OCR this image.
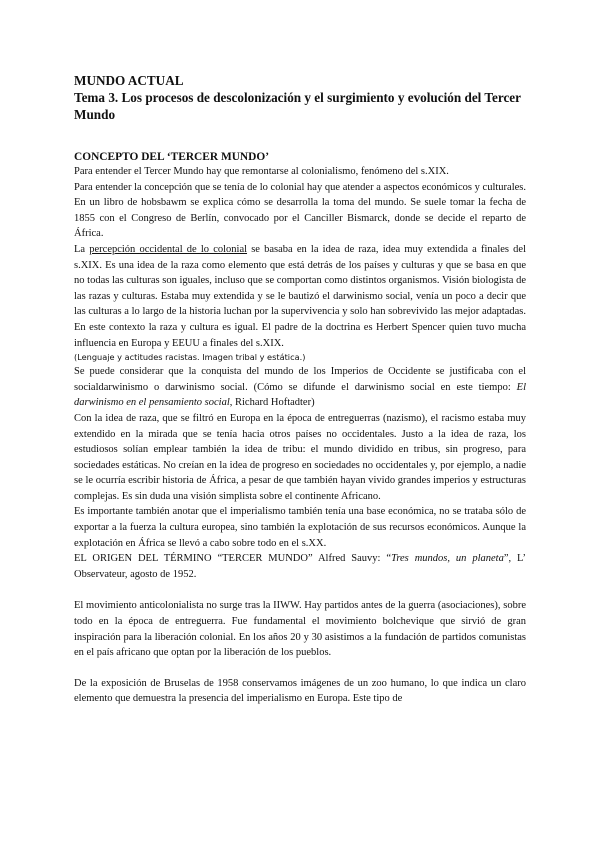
MUNDO ACTUAL
Tema 3. Los procesos de descolonización y el surgimiento y evolución del Tercer Mundo
CONCEPTO DEL ‘TERCER MUNDO’

Para entender el Tercer Mundo hay que remontarse al colonialismo, fenómeno del s.XIX.

Para entender la concepción que se tenía de lo colonial hay que atender a aspectos económicos y culturales. En un libro de hobsbawm se explica cómo se desarrolla la toma del mundo. Se suele tomar la fecha de 1855 con el Congreso de Berlín, convocado por el Canciller Bismarck, donde se decide el reparto de África.

La percepción occidental de lo colonial se basaba en la idea de raza, idea muy extendida a finales del s.XIX. Es una idea de la raza como elemento que está detrás de los países y culturas y que se basa en que no todas las culturas son iguales, incluso que se comportan como distintos organismos. Visión biologista de las razas y culturas. Estaba muy extendida y se le bautizó el darwinismo social, venía un poco a decir que las culturas a lo largo de la historia luchan por la supervivencia y solo han sobrevivido las mejor adaptadas. En este contexto la raza y cultura es igual. El padre de la doctrina es Herbert Spencer quien tuvo mucha influencia en Europa y EEUU a finales del s.XIX.

(Lenguaje y actitudes racistas. Imagen tribal y estática.)

Se puede considerar que la conquista del mundo de los Imperios de Occidente se justificaba con el socialdarwinismo o darwinismo social. (Cómo se difunde el darwinismo social en este tiempo: El darwinismo en el pensamiento social, Richard Hoftadter)

Con la idea de raza, que se filtró en Europa en la época de entreguerras (nazismo), el racismo estaba muy extendido en la mirada que se tenía hacia otros países no occidentales. Justo a la idea de raza, los estudiosos solían emplear también la idea de tribu: el mundo dividido en tribus, sin progreso, para sociedades estáticas. No creían en la idea de progreso en sociedades no occidentales y, por ejemplo, a nadie se le ocurría escribir historia de África, a pesar de que también hayan vivido grandes imperios y estructuras complejas. Es sin duda una visión simplista sobre el continente Africano.

Es importante también anotar que el imperialismo también tenía una base económica, no se trataba sólo de exportar a la fuerza la cultura europea, sino también la explotación de sus recursos económicos. Aunque la explotación en África se llevó a cabo sobre todo en el s.XX.

EL ORIGEN DEL TÉRMINO “TERCER MUNDO” Alfred Sauvy: “Tres mundos, un planeta”, L’ Observateur, agosto de 1952.

El movimiento anticolonialista no surge tras la IIWW. Hay partidos antes de la guerra (asociaciones), sobre todo en la época de entreguerra. Fue fundamental el movimiento bolchevique que sirvió de gran inspiración para la liberación colonial. En los años 20 y 30 asistimos a la fundación de partidos comunistas en el país africano que optan por la liberación de los pueblos.

De la exposición de Bruselas de 1958 conservamos imágenes de un zoo humano, lo que indica un claro elemento que demuestra la presencia del imperialismo en Europa. Este tipo de
